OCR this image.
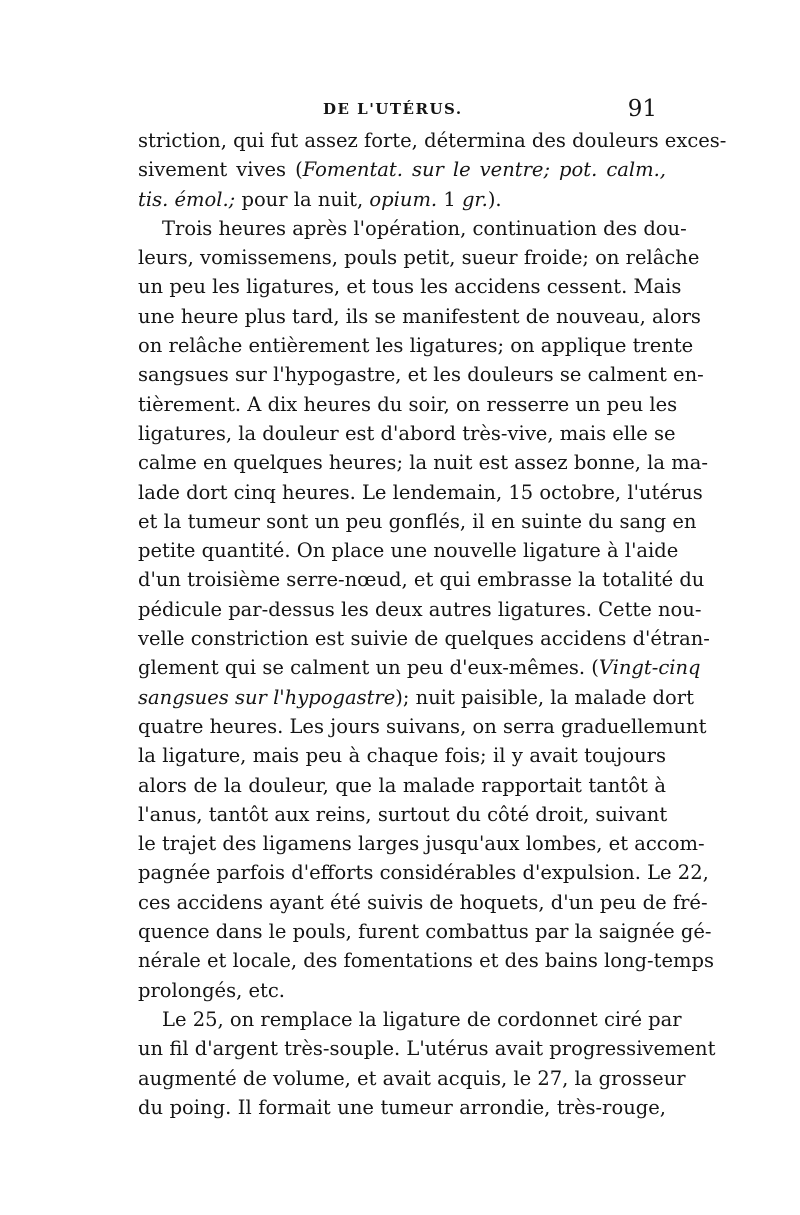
DE L'UTÉRUS.	91
striction, qui fut assez forte, détermina des douleurs exces-
sivement vives (Fomentat. sur le ventre; pot. calm.,
tis. émol.; pour la nuit, opium. 1 gr.).
Trois heures après l'opération, continuation des dou-
leurs, vomissemens, pouls petit, sueur froide; on relâche
un peu les ligatures, et tous les accidens cessent. Mais
une heure plus tard, ils se manifestent de nouveau, alors
on relâche entièrement les ligatures; on applique trente
sangsues sur l'hypogastre, et les douleurs se calment en-
tièrement. A dix heures du soir, on resserre un peu les
ligatures, la douleur est d'abord très-vive, mais elle se
calme en quelques heures; la nuit est assez bonne, la ma-
lade dort cinq heures. Le lendemain, 15 octobre, l'utérus
et la tumeur sont un peu gonflés, il en suinte du sang en
petite quantité. On place une nouvelle ligature à l'aide
d'un troisième serre-nœud, et qui embrasse la totalité du
pédicule par-dessus les deux autres ligatures. Cette nou-
velle constriction est suivie de quelques accidens d'étran-
glement qui se calment un peu d'eux-mêmes. (Vingt-cinq
sangsues sur l'hypogastre); nuit paisible, la malade dort
quatre heures. Les jours suivans, on serra graduellemunt
la ligature, mais peu à chaque fois; il y avait toujours
alors de la douleur, que la malade rapportait tantôt à
l'anus, tantôt aux reins, surtout du côté droit, suivant
le trajet des ligamens larges jusqu'aux lombes, et accom-
pagnée parfois d'efforts considérables d'expulsion. Le 22,
ces accidens ayant été suivis de hoquets, d'un peu de fré-
quence dans le pouls, furent combattus par la saignée gé-
nérale et locale, des fomentations et des bains long-temps
prolongés, etc.
Le 25, on remplace la ligature de cordonnet ciré par
un fil d'argent très-souple. L'utérus avait progressivement
augmenté de volume, et avait acquis, le 27, la grosseur
du poing. Il formait une tumeur arrondie, très-rouge,
